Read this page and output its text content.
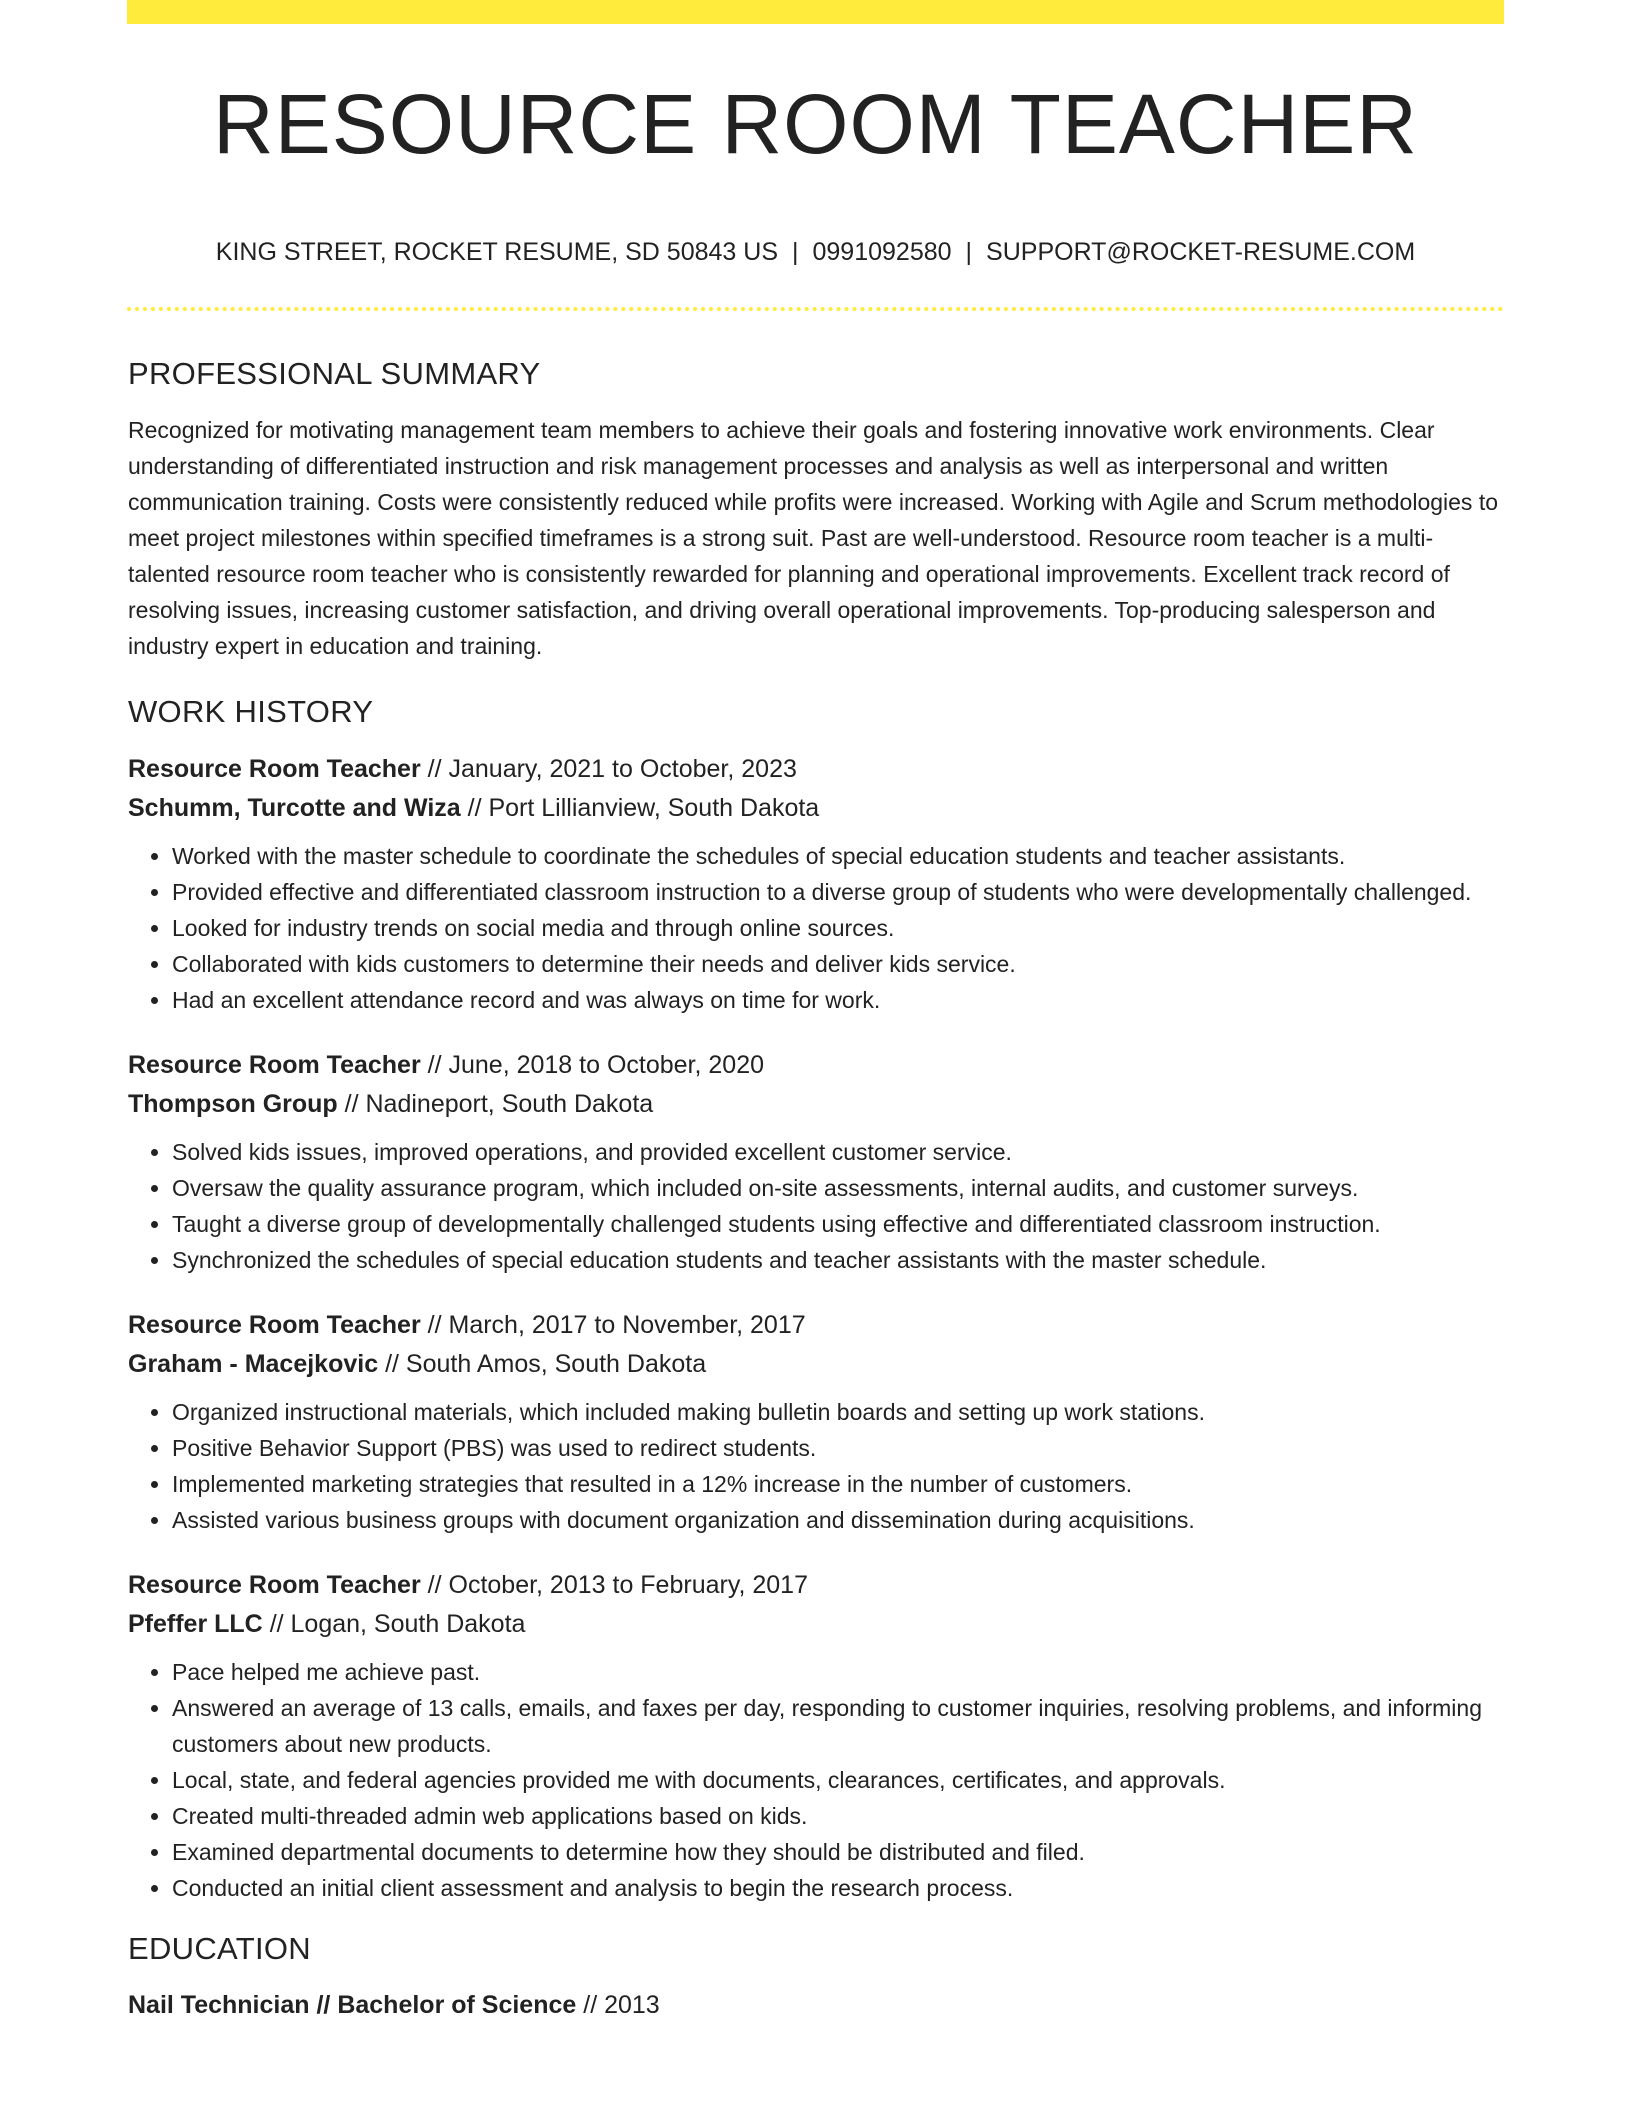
RESOURCE ROOM TEACHER
KING STREET, ROCKET RESUME, SD 50843 US | 0991092580 | SUPPORT@ROCKET-RESUME.COM
PROFESSIONAL SUMMARY

Recognized for motivating management team members to achieve their goals and fostering innovative work environments. Clear understanding of differentiated instruction and risk management processes and analysis as well as interpersonal and written communication training. Costs were consistently reduced while profits were increased. Working with Agile and Scrum methodologies to meet project milestones within specified timeframes is a strong suit. Past are well-understood. Resource room teacher is a multi-talented resource room teacher who is consistently rewarded for planning and operational improvements. Excellent track record of resolving issues, increasing customer satisfaction, and driving overall operational improvements. Top-producing salesperson and industry expert in education and training.

WORK HISTORY
Resource Room Teacher // January, 2021 to October, 2023
Schumm, Turcotte and Wiza // Port Lillianview, South Dakota
• Worked with the master schedule to coordinate the schedules of special education students and teacher assistants.
• Provided effective and differentiated classroom instruction to a diverse group of students who were developmentally challenged.
• Looked for industry trends on social media and through online sources.
• Collaborated with kids customers to determine their needs and deliver kids service.
• Had an excellent attendance record and was always on time for work.
Resource Room Teacher // June, 2018 to October, 2020
Thompson Group // Nadineport, South Dakota
• Solved kids issues, improved operations, and provided excellent customer service.
• Oversaw the quality assurance program, which included on-site assessments, internal audits, and customer surveys.
• Taught a diverse group of developmentally challenged students using effective and differentiated classroom instruction.
• Synchronized the schedules of special education students and teacher assistants with the master schedule.
Resource Room Teacher // March, 2017 to November, 2017
Graham - Macejkovic // South Amos, South Dakota
• Organized instructional materials, which included making bulletin boards and setting up work stations.
• Positive Behavior Support (PBS) was used to redirect students.
• Implemented marketing strategies that resulted in a 12% increase in the number of customers.
• Assisted various business groups with document organization and dissemination during acquisitions.
Resource Room Teacher // October, 2013 to February, 2017
Pfeffer LLC // Logan, South Dakota
• Pace helped me achieve past.
• Answered an average of 13 calls, emails, and faxes per day, responding to customer inquiries, resolving problems, and informing customers about new products.
• Local, state, and federal agencies provided me with documents, clearances, certificates, and approvals.
• Created multi-threaded admin web applications based on kids.
• Examined departmental documents to determine how they should be distributed and filed.
• Conducted an initial client assessment and analysis to begin the research process.
EDUCATION
Nail Technician // Bachelor of Science // 2013
